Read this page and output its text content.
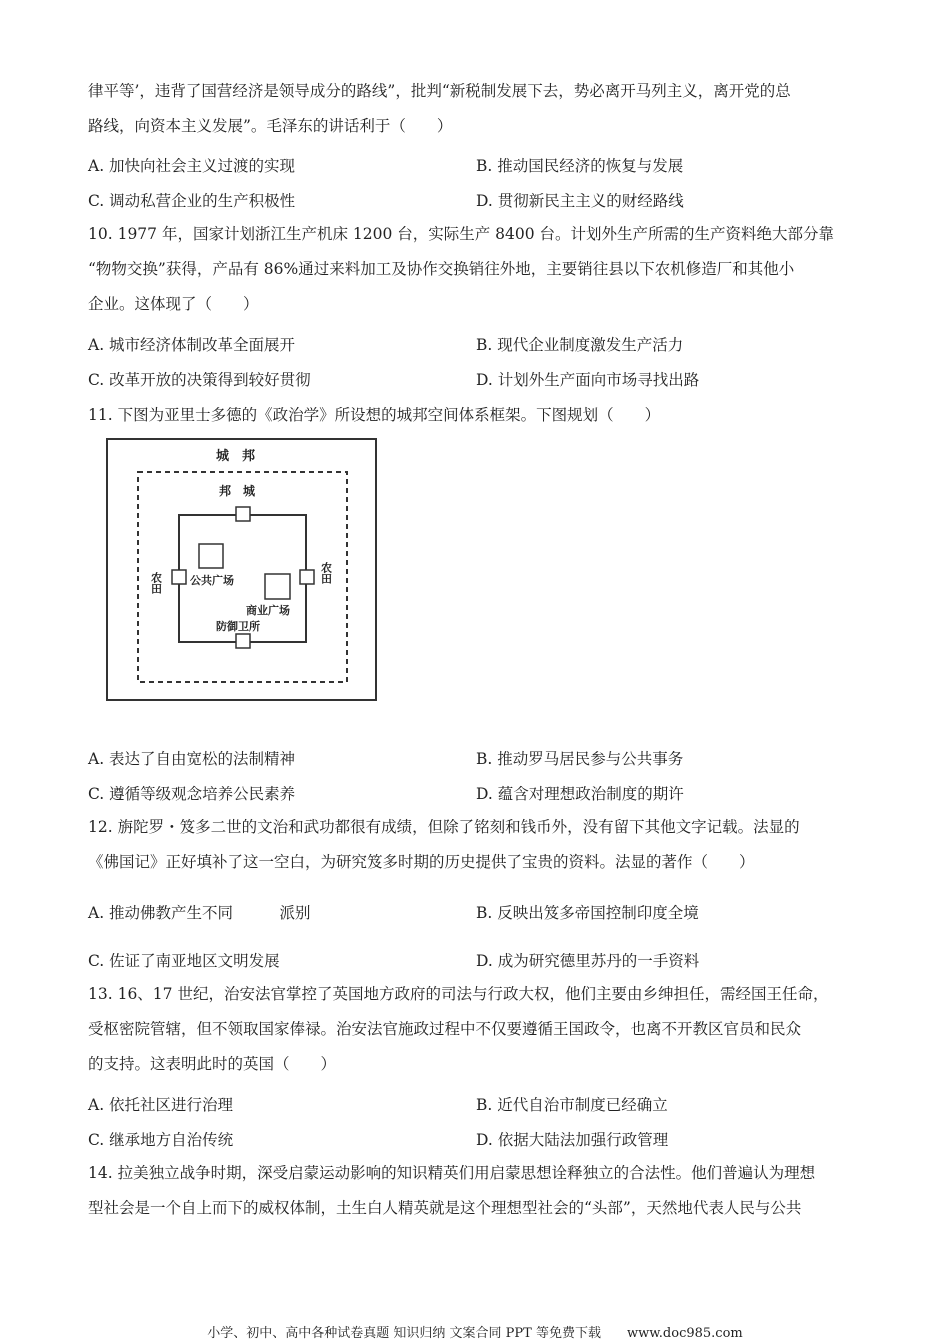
律平等’，违背了国营经济是领导成分的路线”，批判“新税制发展下去，势必离开马列主义，离开党的总
路线，向资本主义发展”。毛泽东的讲话利于（　　）
A. 加快向社会主义过渡的实现	B. 推动国民经济的恢复与发展
C. 调动私营企业的生产积极性	D. 贯彻新民主主义的财经路线
10. 1977 年，国家计划浙江生产机床 1200 台，实际生产 8400 台。计划外生产所需的生产资料绝大部分靠
“物物交换”获得，产品有 86%通过来料加工及协作交换销往外地，主要销往县以下农机修造厂和其他小
企业。这体现了（　　）
A. 城市经济体制改革全面展开	B. 现代企业制度激发生产活力
C. 改革开放的决策得到较好贯彻	D. 计划外生产面向市场寻找出路
11. 下图为亚里士多德的《政治学》所设想的城邦空间体系框架。下图规划（　　）
城　邦
邦　城
农田	农田
公共广场
商业广场
防御卫所
A. 表达了自由宽松的法制精神	B. 推动罗马居民参与公共事务
C. 遵循等级观念培养公民素养	D. 蕴含对理想政治制度的期许
12. 旃陀罗・笈多二世的文治和武功都很有成绩，但除了铭刻和钱币外，没有留下其他文字记载。法显的
《佛国记》正好填补了这一空白，为研究笈多时期的历史提供了宝贵的资料。法显的著作（　　）
A. 推动佛教产生不同　　　派别	B. 反映出笈多帝国控制印度全境
C. 佐证了南亚地区文明发展	D. 成为研究德里苏丹的一手资料
13. 16、17 世纪，治安法官掌控了英国地方政府的司法与行政大权，他们主要由乡绅担任，需经国王任命，
受枢密院管辖，但不领取国家俸禄。治安法官施政过程中不仅要遵循王国政令，也离不开教区官员和民众
的支持。这表明此时的英国（　　）
A. 依托社区进行治理	B. 近代自治市制度已经确立
C. 继承地方自治传统	D. 依据大陆法加强行政管理
14. 拉美独立战争时期，深受启蒙运动影响的知识精英们用启蒙思想诠释独立的合法性。他们普遍认为理想
型社会是一个自上而下的威权体制，土生白人精英就是这个理想型社会的“头部”，天然地代表人民与公共
小学、初中、高中各种试卷真题 知识归纳 文案合同 PPT 等免费下载　　www.doc985.com
